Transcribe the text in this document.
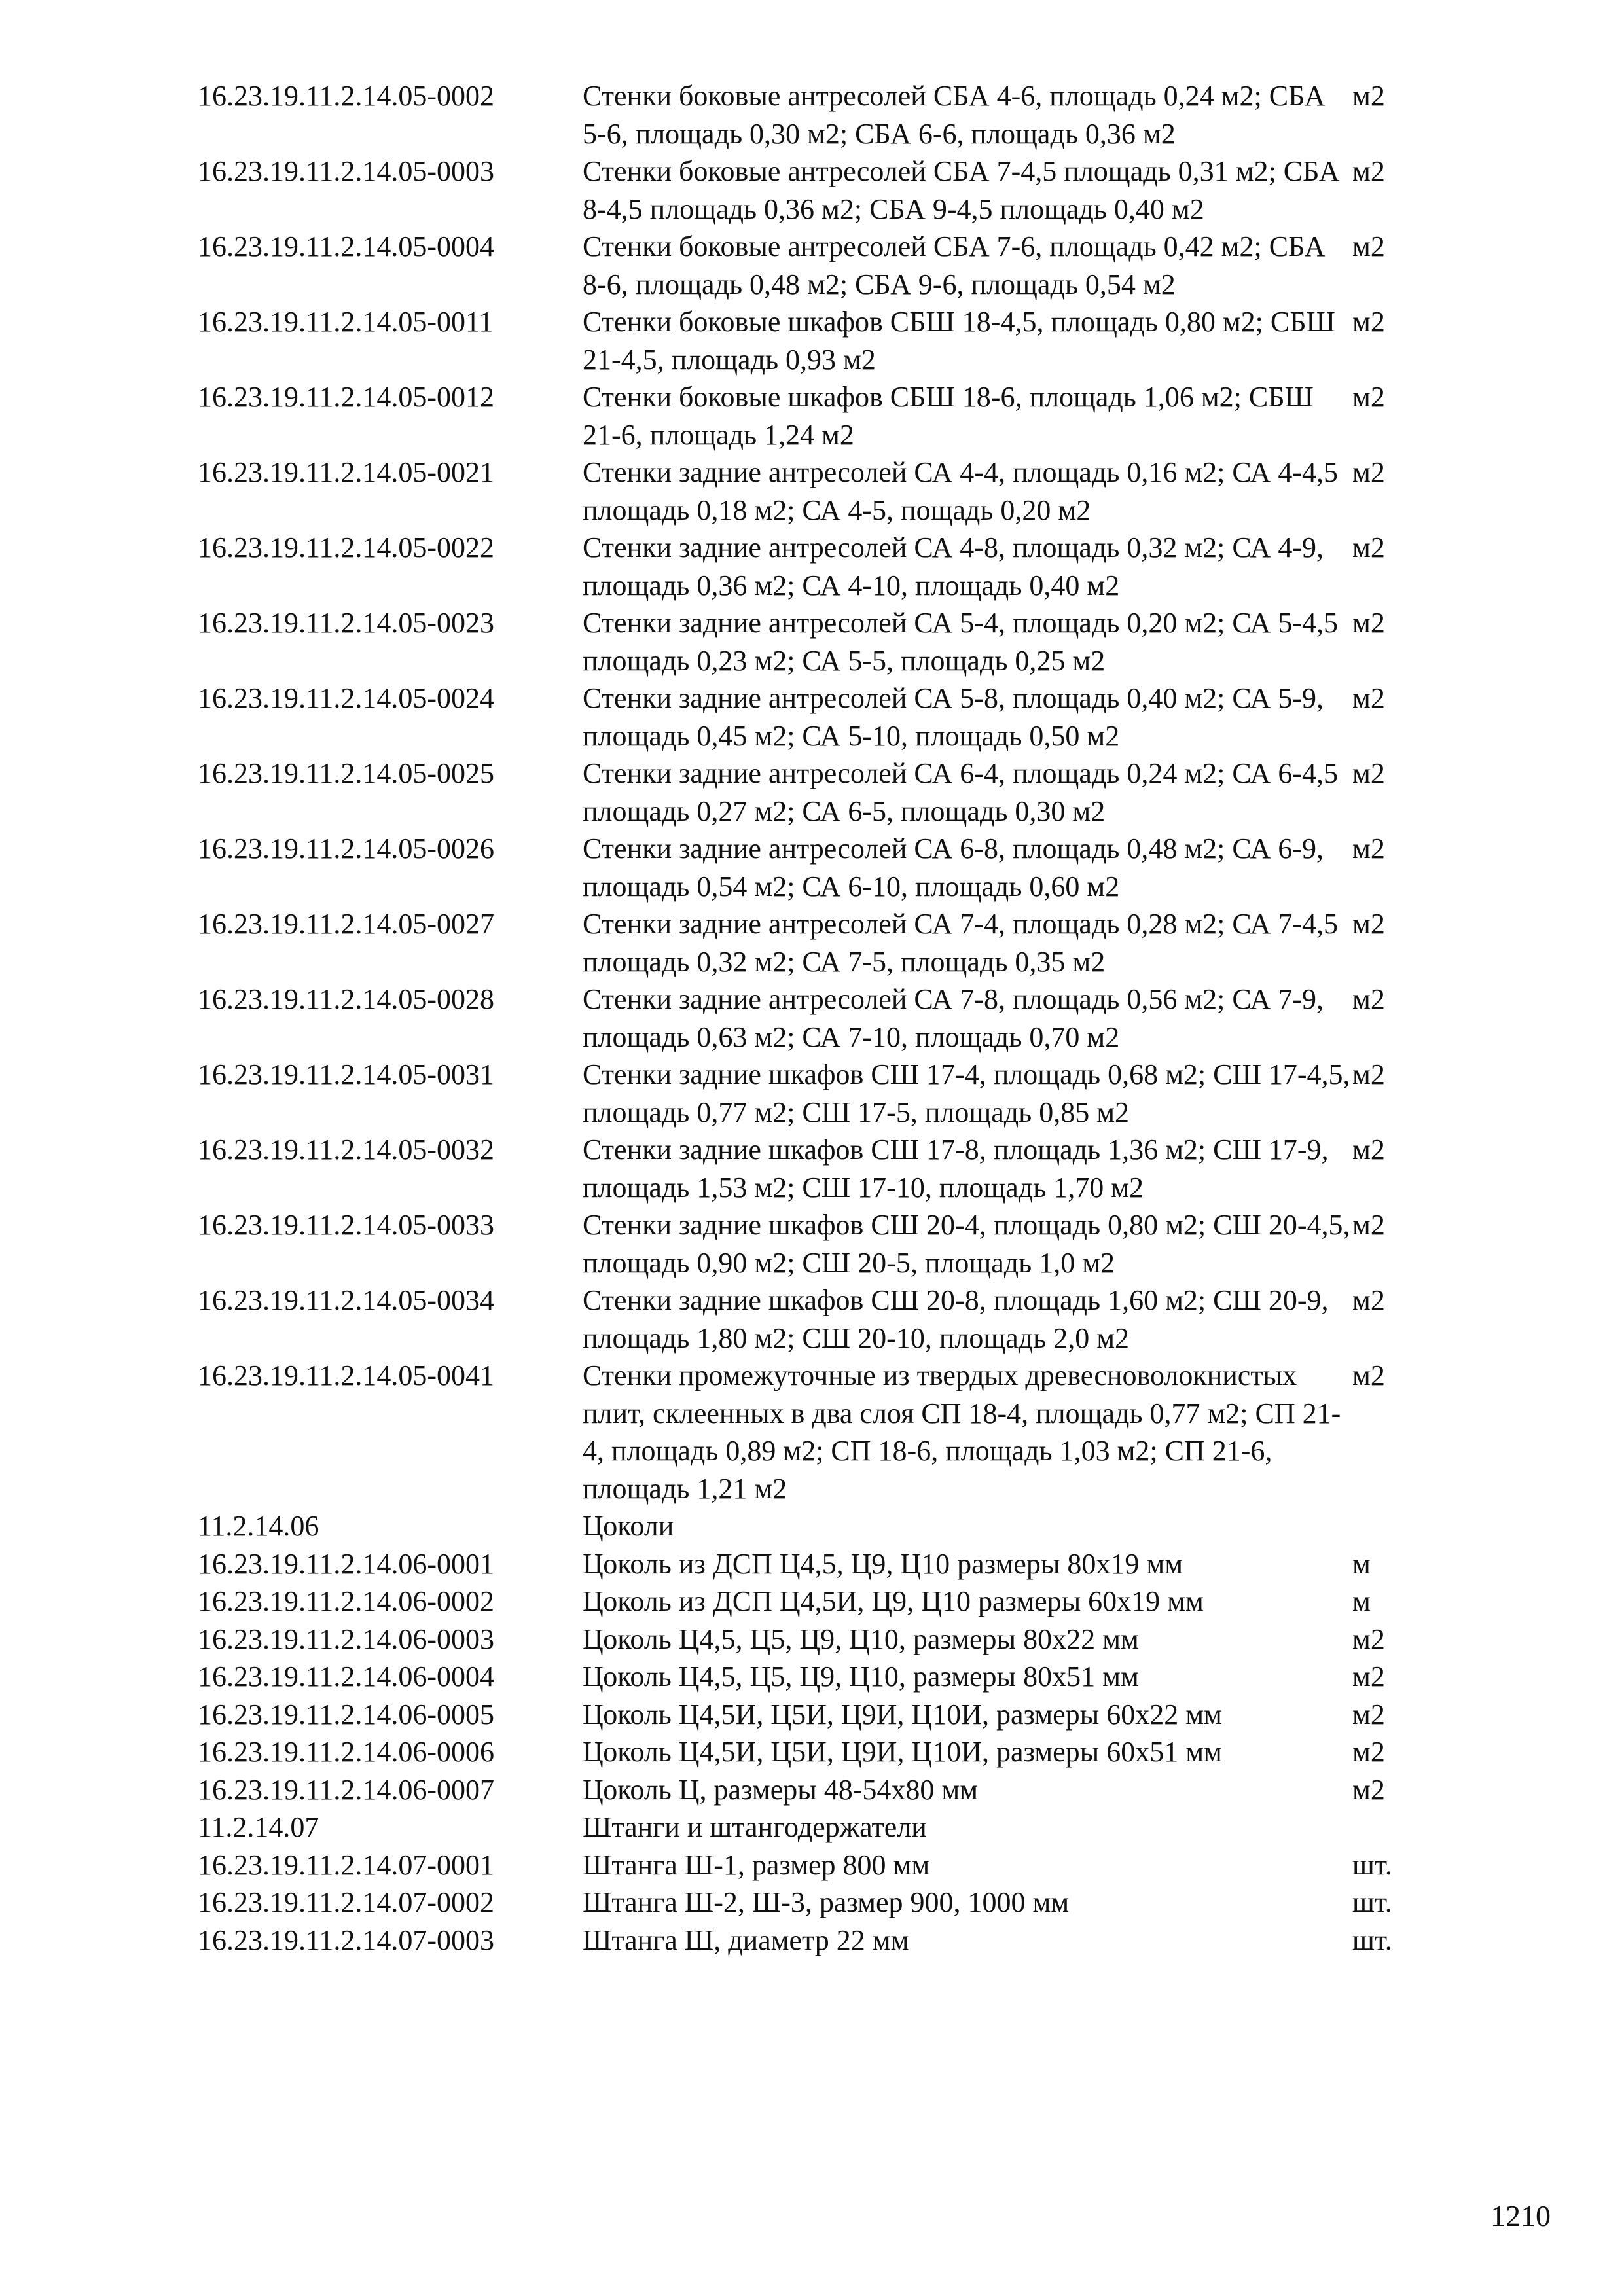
16.23.19.11.2.14.05-0002	Стенки боковые антресолей СБА 4-6, площадь 0,24 м2; СБА 5-6, площадь 0,30 м2; СБА 6-6, площадь 0,36 м2	м2
16.23.19.11.2.14.05-0003	Стенки боковые антресолей СБА 7-4,5 площадь 0,31 м2; СБА 8-4,5 площадь 0,36 м2; СБА 9-4,5 площадь 0,40 м2	м2
16.23.19.11.2.14.05-0004	Стенки боковые антресолей СБА 7-6, площадь 0,42 м2; СБА 8-6, площадь 0,48 м2; СБА 9-6, площадь 0,54 м2	м2
16.23.19.11.2.14.05-0011	Стенки боковые шкафов СБШ 18-4,5, площадь 0,80 м2; СБШ 21-4,5, площадь 0,93 м2	м2
16.23.19.11.2.14.05-0012	Стенки боковые шкафов СБШ 18-6, площадь 1,06 м2; СБШ 21-6, площадь 1,24 м2	м2
16.23.19.11.2.14.05-0021	Стенки задние антресолей СА 4-4, площадь 0,16 м2; СА 4-4,5 площадь 0,18 м2; СА 4-5, пощадь 0,20 м2	м2
16.23.19.11.2.14.05-0022	Стенки задние антресолей СА 4-8, площадь 0,32 м2; СА 4-9, площадь 0,36 м2; СА 4-10, площадь 0,40 м2	м2
16.23.19.11.2.14.05-0023	Стенки задние антресолей СА 5-4, площадь 0,20 м2; СА 5-4,5 площадь 0,23 м2; СА 5-5, площадь 0,25 м2	м2
16.23.19.11.2.14.05-0024	Стенки задние антресолей СА 5-8, площадь 0,40 м2; СА 5-9, площадь 0,45 м2; СА 5-10, площадь 0,50 м2	м2
16.23.19.11.2.14.05-0025	Стенки задние антресолей СА 6-4, площадь 0,24 м2; СА 6-4,5 площадь 0,27 м2; СА 6-5, площадь 0,30 м2	м2
16.23.19.11.2.14.05-0026	Стенки задние антресолей СА 6-8, площадь 0,48 м2; СА 6-9, площадь 0,54 м2; СА 6-10, площадь 0,60 м2	м2
16.23.19.11.2.14.05-0027	Стенки задние антресолей СА 7-4, площадь 0,28 м2; СА 7-4,5 площадь 0,32 м2; СА 7-5, площадь 0,35 м2	м2
16.23.19.11.2.14.05-0028	Стенки задние антресолей СА 7-8, площадь 0,56 м2; СА 7-9, площадь 0,63 м2; СА 7-10, площадь 0,70 м2	м2
16.23.19.11.2.14.05-0031	Стенки задние шкафов СШ 17-4, площадь 0,68 м2; СШ 17-4,5, площадь 0,77 м2; СШ 17-5, площадь 0,85 м2	м2
16.23.19.11.2.14.05-0032	Стенки задние шкафов СШ 17-8, площадь 1,36 м2; СШ 17-9, площадь 1,53 м2; СШ 17-10, площадь 1,70 м2	м2
16.23.19.11.2.14.05-0033	Стенки задние шкафов СШ 20-4, площадь 0,80 м2; СШ 20-4,5, площадь 0,90 м2; СШ 20-5, площадь 1,0 м2	м2
16.23.19.11.2.14.05-0034	Стенки задние шкафов СШ 20-8, площадь 1,60 м2; СШ 20-9, площадь 1,80 м2; СШ 20-10, площадь 2,0 м2	м2
16.23.19.11.2.14.05-0041	Стенки промежуточные из твердых древесноволокнистых плит, склеенных в два слоя СП 18-4, площадь 0,77 м2; СП 21-4, площадь 0,89 м2; СП 18-6, площадь 1,03 м2; СП 21-6, площадь 1,21 м2	м2
11.2.14.06	Цоколи	
16.23.19.11.2.14.06-0001	Цоколь из ДСП Ц4,5, Ц9, Ц10 размеры 80х19 мм	м
16.23.19.11.2.14.06-0002	Цоколь из ДСП Ц4,5И, Ц9, Ц10 размеры 60х19 мм	м
16.23.19.11.2.14.06-0003	Цоколь Ц4,5, Ц5, Ц9, Ц10, размеры 80х22 мм	м2
16.23.19.11.2.14.06-0004	Цоколь Ц4,5, Ц5, Ц9, Ц10, размеры 80х51 мм	м2
16.23.19.11.2.14.06-0005	Цоколь Ц4,5И, Ц5И, Ц9И, Ц10И, размеры 60х22 мм	м2
16.23.19.11.2.14.06-0006	Цоколь Ц4,5И, Ц5И, Ц9И, Ц10И, размеры 60х51 мм	м2
16.23.19.11.2.14.06-0007	Цоколь Ц, размеры 48-54х80 мм	м2
11.2.14.07	Штанги и штангодержатели	
16.23.19.11.2.14.07-0001	Штанга Ш-1, размер 800 мм	шт.
16.23.19.11.2.14.07-0002	Штанга Ш-2, Ш-3, размер 900, 1000 мм	шт.
16.23.19.11.2.14.07-0003	Штанга Ш, диаметр 22 мм	шт.
1210
